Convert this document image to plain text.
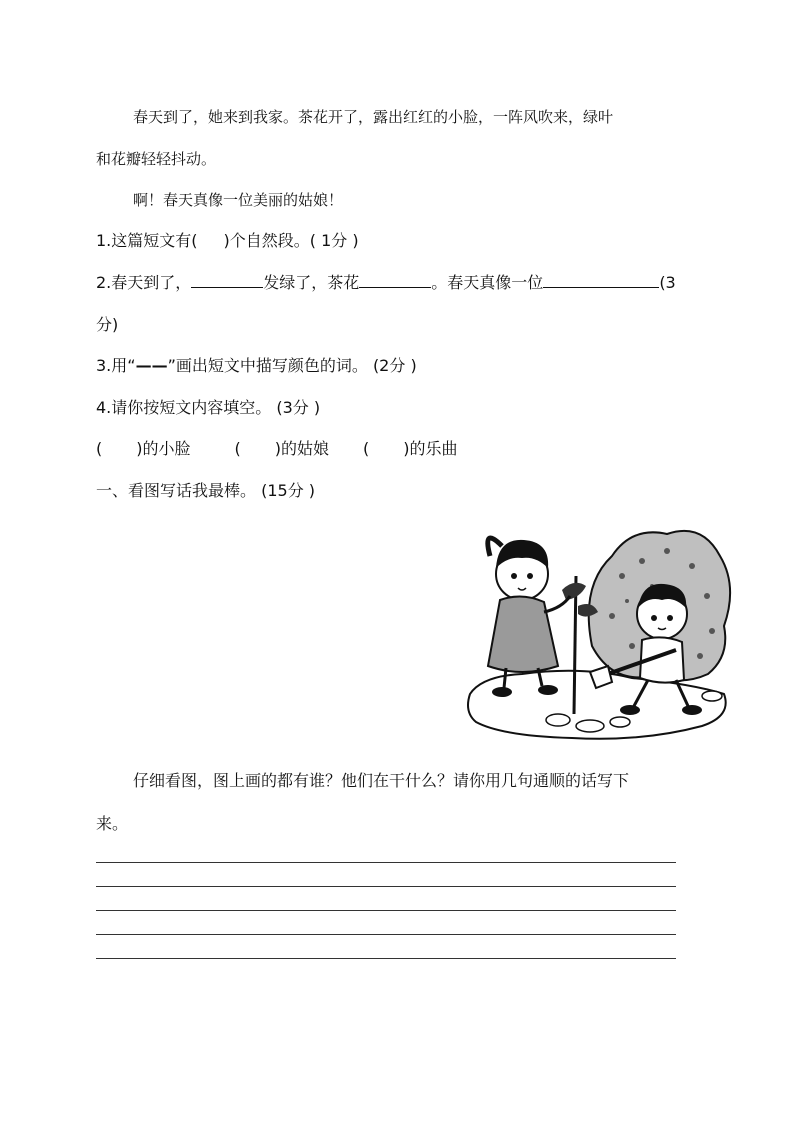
春天到了，她来到我家。茶花开了，露出红红的小脸，一阵风吹来，绿叶
和花瓣轻轻抖动。
啊！春天真像一位美丽的姑娘！
1.这篇短文有( )个自然段。( 1分 )
2.春天到了，	发绿了，茶花	。春天真像一位	(3
分)
3.用“——”画出短文中描写颜色的词。 (2分 )
4.请你按短文内容填空。 (3分 )
( )的小脸	( )的姑娘 ( )的乐曲
一、看图写话我最棒。 (15分 )
仔细看图，图上画的都有谁？他们在干什么？请你用几句通顺的话写下
来。
